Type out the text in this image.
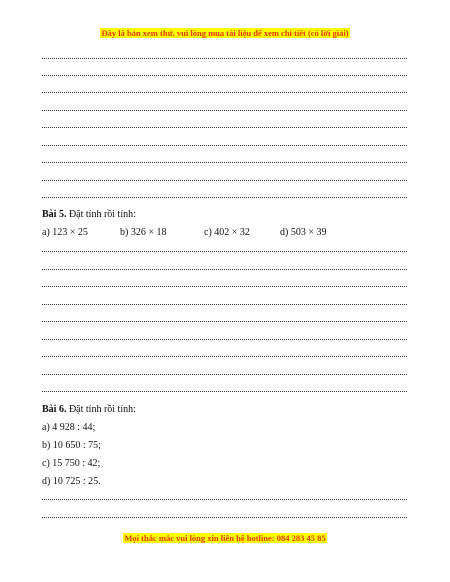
Đây là bản xem thử, vui lòng mua tài liệu để xem chi tiết (có lời giải)
Bài 5. Đặt tính rồi tính:
a) 123 × 25	b) 326 × 18	c) 402 × 32	d) 503 × 39
Bài 6. Đặt tính rồi tính:
a) 4 928 : 44;
b) 10 650 : 75;
c) 15 750 : 42;
d) 10 725 : 25.
Mọi thắc mắc vui lòng xin liên hệ hotline: 084 283 45 85
